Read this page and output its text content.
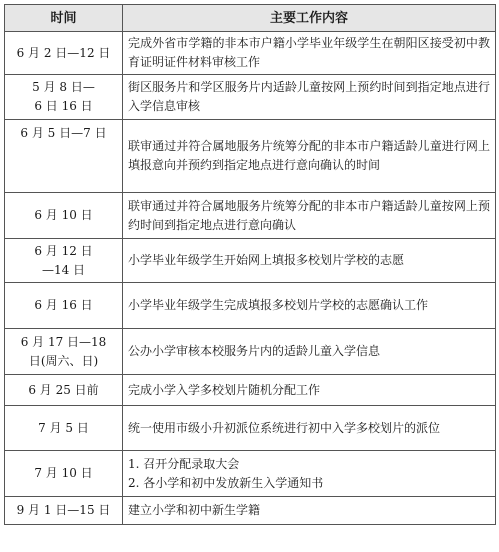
时间	主要工作内容

6 月 2 日—12 日	完成外省市学籍的非本市户籍小学毕业年级学生在朝阳区接受初中教育证明证件材料审核工作

5 月 8 日—
6 日 16 日	街区服务片和学区服务片内适龄儿童按网上预约时间到指定地点进行入学信息审核

6 月 5 日—7 日	联审通过并符合属地服务片统筹分配的非本市户籍适龄儿童进行网上填报意向并预约到指定地点进行意向确认的时间

6 月 10 日	联审通过并符合属地服务片统筹分配的非本市户籍适龄儿童按网上预约时间到指定地点进行意向确认

6 月 12 日
—14 日	小学毕业年级学生开始网上填报多校划片学校的志愿

6 月 16 日	小学毕业年级学生完成填报多校划片学校的志愿确认工作

6 月 17 日—18
日(周六、日)	公办小学审核本校服务片内的适龄儿童入学信息

6 月 25 日前	完成小学入学多校划片随机分配工作

7 月 5 日	统一使用市级小升初派位系统进行初中入学多校划片的派位

7 月 10 日	1. 召开分配录取大会
2. 各小学和初中发放新生入学通知书

9 月 1 日—15 日	建立小学和初中新生学籍
